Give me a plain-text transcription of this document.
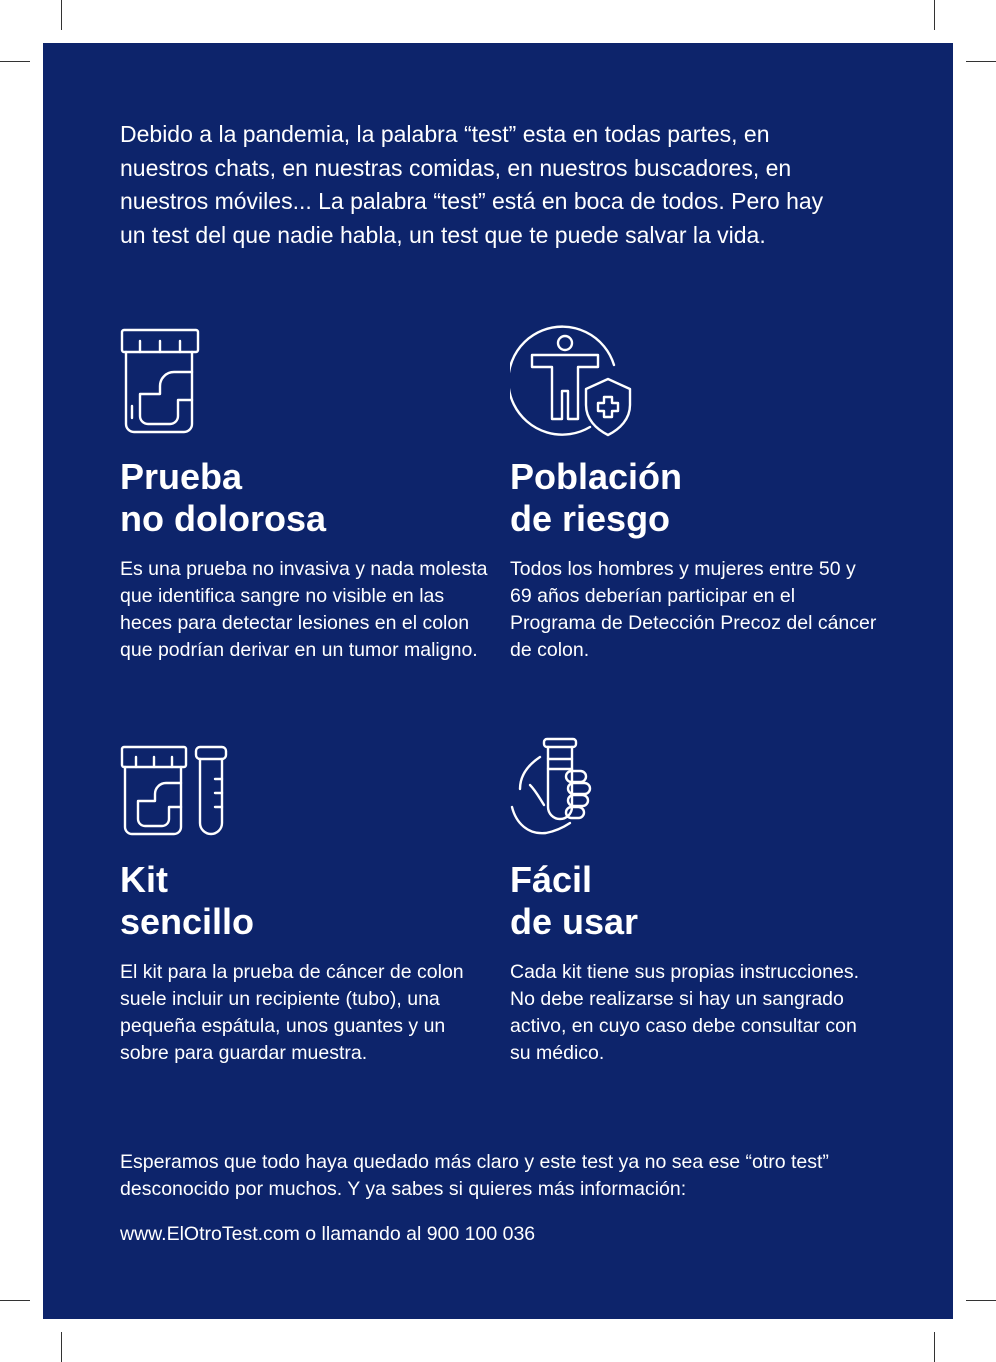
Debido a la pandemia, la palabra “test” esta en todas partes, en nuestros chats, en nuestras comidas, en nuestros buscadores, en nuestros móviles... La palabra “test” está en boca de todos. Pero hay un test del que nadie habla, un test que te puede salvar la vida.

Prueba
no dolorosa

Es una prueba no invasiva y nada molesta que identifica sangre no visible en las heces para detectar lesiones en el colon que podrían derivar en un tumor maligno.

Población
de riesgo

Todos los hombres y mujeres entre 50 y 69 años deberían participar en el Programa de Detección Precoz del cáncer de colon.

Kit
sencillo

El kit para la prueba de cáncer de colon suele incluir un recipiente (tubo), una pequeña espátula, unos guantes y un sobre para guardar muestra.

Fácil
de usar

Cada kit tiene sus propias instrucciones. No debe realizarse si hay un sangrado activo, en cuyo caso debe consultar con su médico.

Esperamos que todo haya quedado más claro y este test ya no sea ese “otro test” desconocido por muchos. Y ya sabes si quieres más información:

www.ElOtroTest.com o llamando al 900 100 036
